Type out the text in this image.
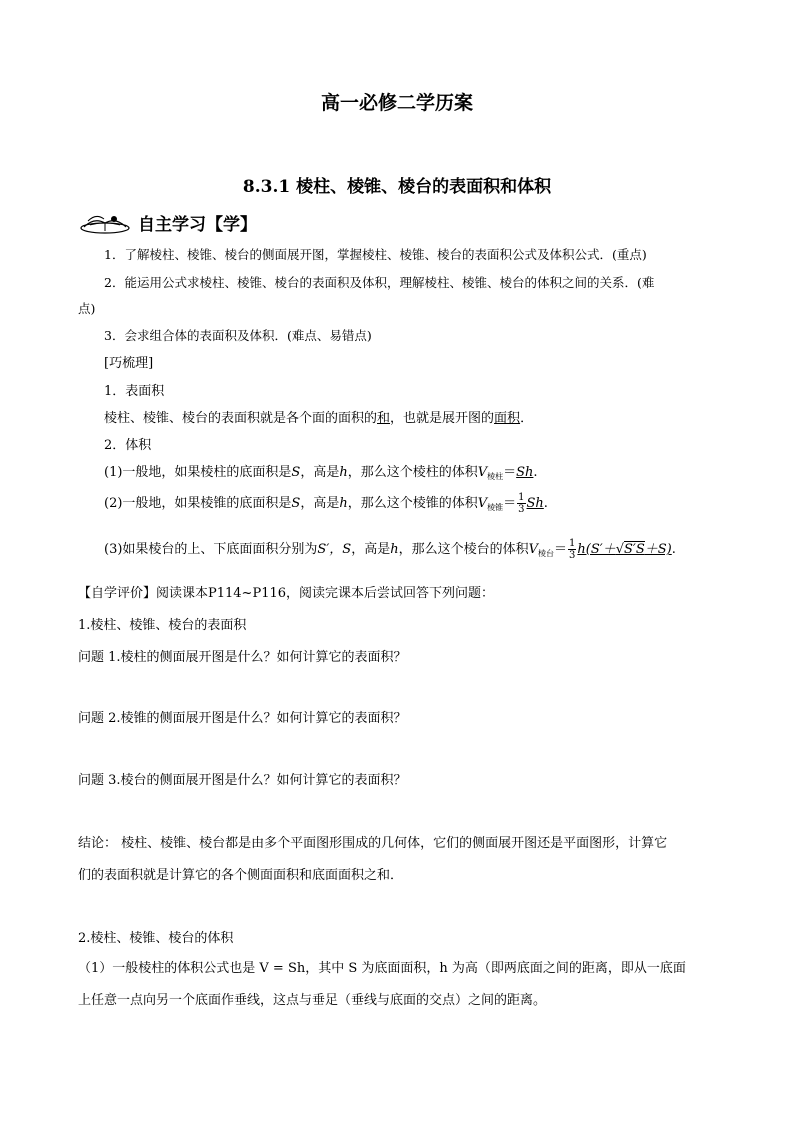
高一必修二学历案
8.3.1 棱柱、棱锥、棱台的表面积和体积
自主学习【学】
1．了解棱柱、棱锥、棱台的侧面展开图，掌握棱柱、棱锥、棱台的表面积公式及体积公式．(重点)
2．能运用公式求棱柱、棱锥、棱台的表面积及体积，理解棱柱、棱锥、棱台的体积之间的关系．(难
点)
3．会求组合体的表面积及体积．(难点、易错点)
[巧梳理]
1．表面积
棱柱、棱锥、棱台的表面积就是各个面的面积的和，也就是展开图的面积．
2．体积
(1)一般地，如果棱柱的底面积是S，高是h，那么这个棱柱的体积$V_{棱柱}=Sh$.
(2)一般地，如果棱锥的底面积是S，高是h，那么这个棱锥的体积$V_{棱锥}= \frac{1}{3} Sh$.
(3)如果棱台的上、下底面面积分别为S′，S，高是h，那么这个棱台的体积$V_{棱台}= \frac{1}{3} h(S'+√S'S+S)$.
【自学评价】阅读课本P114~P116，阅读完课本后尝试回答下列问题：
1.棱柱、棱锥、棱台的表面积
问题 1.棱柱的侧面展开图是什么？如何计算它的表面积？
问题 2.棱锥的侧面展开图是什么？如何计算它的表面积？
问题 3.棱台的侧面展开图是什么？如何计算它的表面积？
结论： 棱柱、棱锥、棱台都是由多个平面图形围成的几何体，它们的侧面展开图还是平面图形，计算它
们的表面积就是计算它的各个侧面面积和底面面积之和．
2.棱柱、棱锥、棱台的体积
（1）一般棱柱的体积公式也是 V = Sh，其中 S 为底面面积，h 为高（即两底面之间的距离，即从一底面
上任意一点向另一个底面作垂线，这点与垂足（垂线与底面的交点）之间的距离。
